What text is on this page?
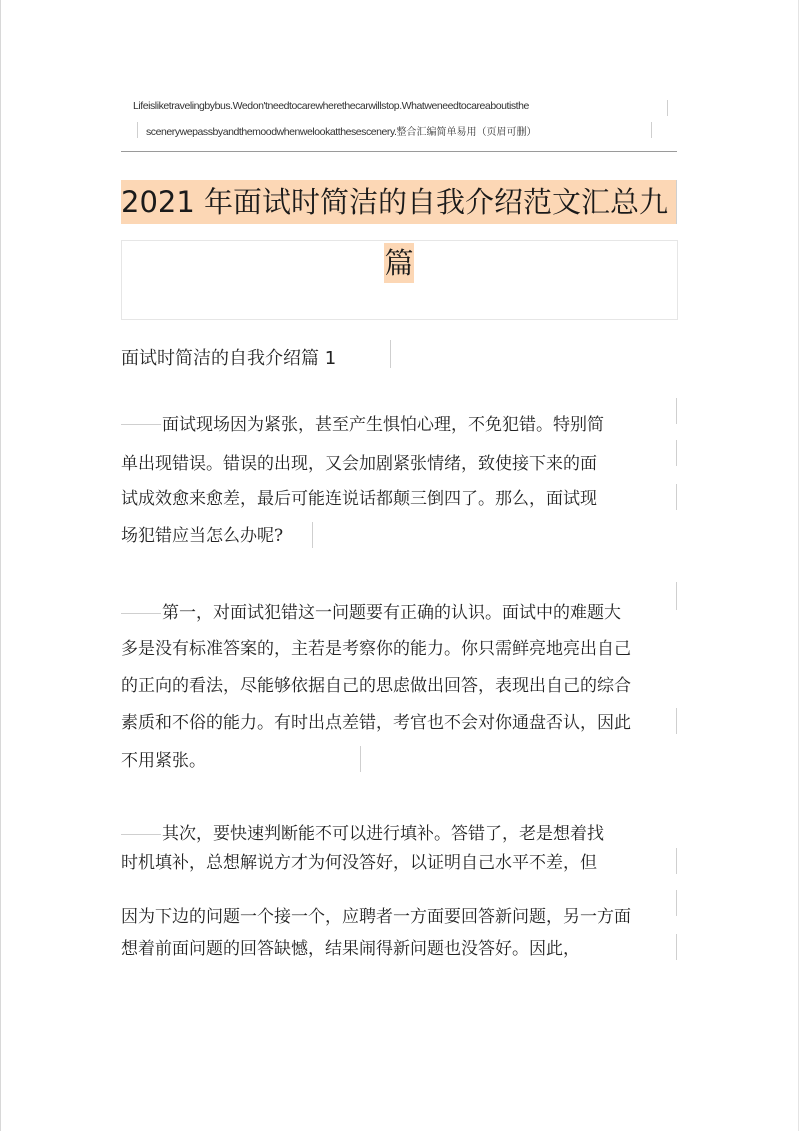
Lifeisliketravelingbybus.Wedon'tneedtocarewherethecarwillstop.Whatweneedtocareaboutisthe
scenerywepassbyandthemoodwhenwelookatthesescenery.整合汇编简单易用（页眉可删）
2021 年面试时简洁的自我介绍范文汇总九
篇
面试时简洁的自我介绍篇 1
面试现场因为紧张，甚至产生惧怕心理，不免犯错。特别简
单出现错误。错误的出现，又会加剧紧张情绪，致使接下来的面
试成效愈来愈差，最后可能连说话都颠三倒四了。那么，面试现
场犯错应当怎么办呢?
第一，对面试犯错这一问题要有正确的认识。面试中的难题大
多是没有标准答案的，主若是考察你的能力。你只需鲜亮地亮出自己
的正向的看法，尽能够依据自己的思虑做出回答，表现出自己的综合
素质和不俗的能力。有时出点差错，考官也不会对你通盘否认，因此
不用紧张。
其次，要快速判断能不可以进行填补。答错了，老是想着找
时机填补，总想解说方才为何没答好，以证明自己水平不差，但
因为下边的问题一个接一个，应聘者一方面要回答新问题，另一方面
想着前面问题的回答缺憾，结果闹得新问题也没答好。因此，
